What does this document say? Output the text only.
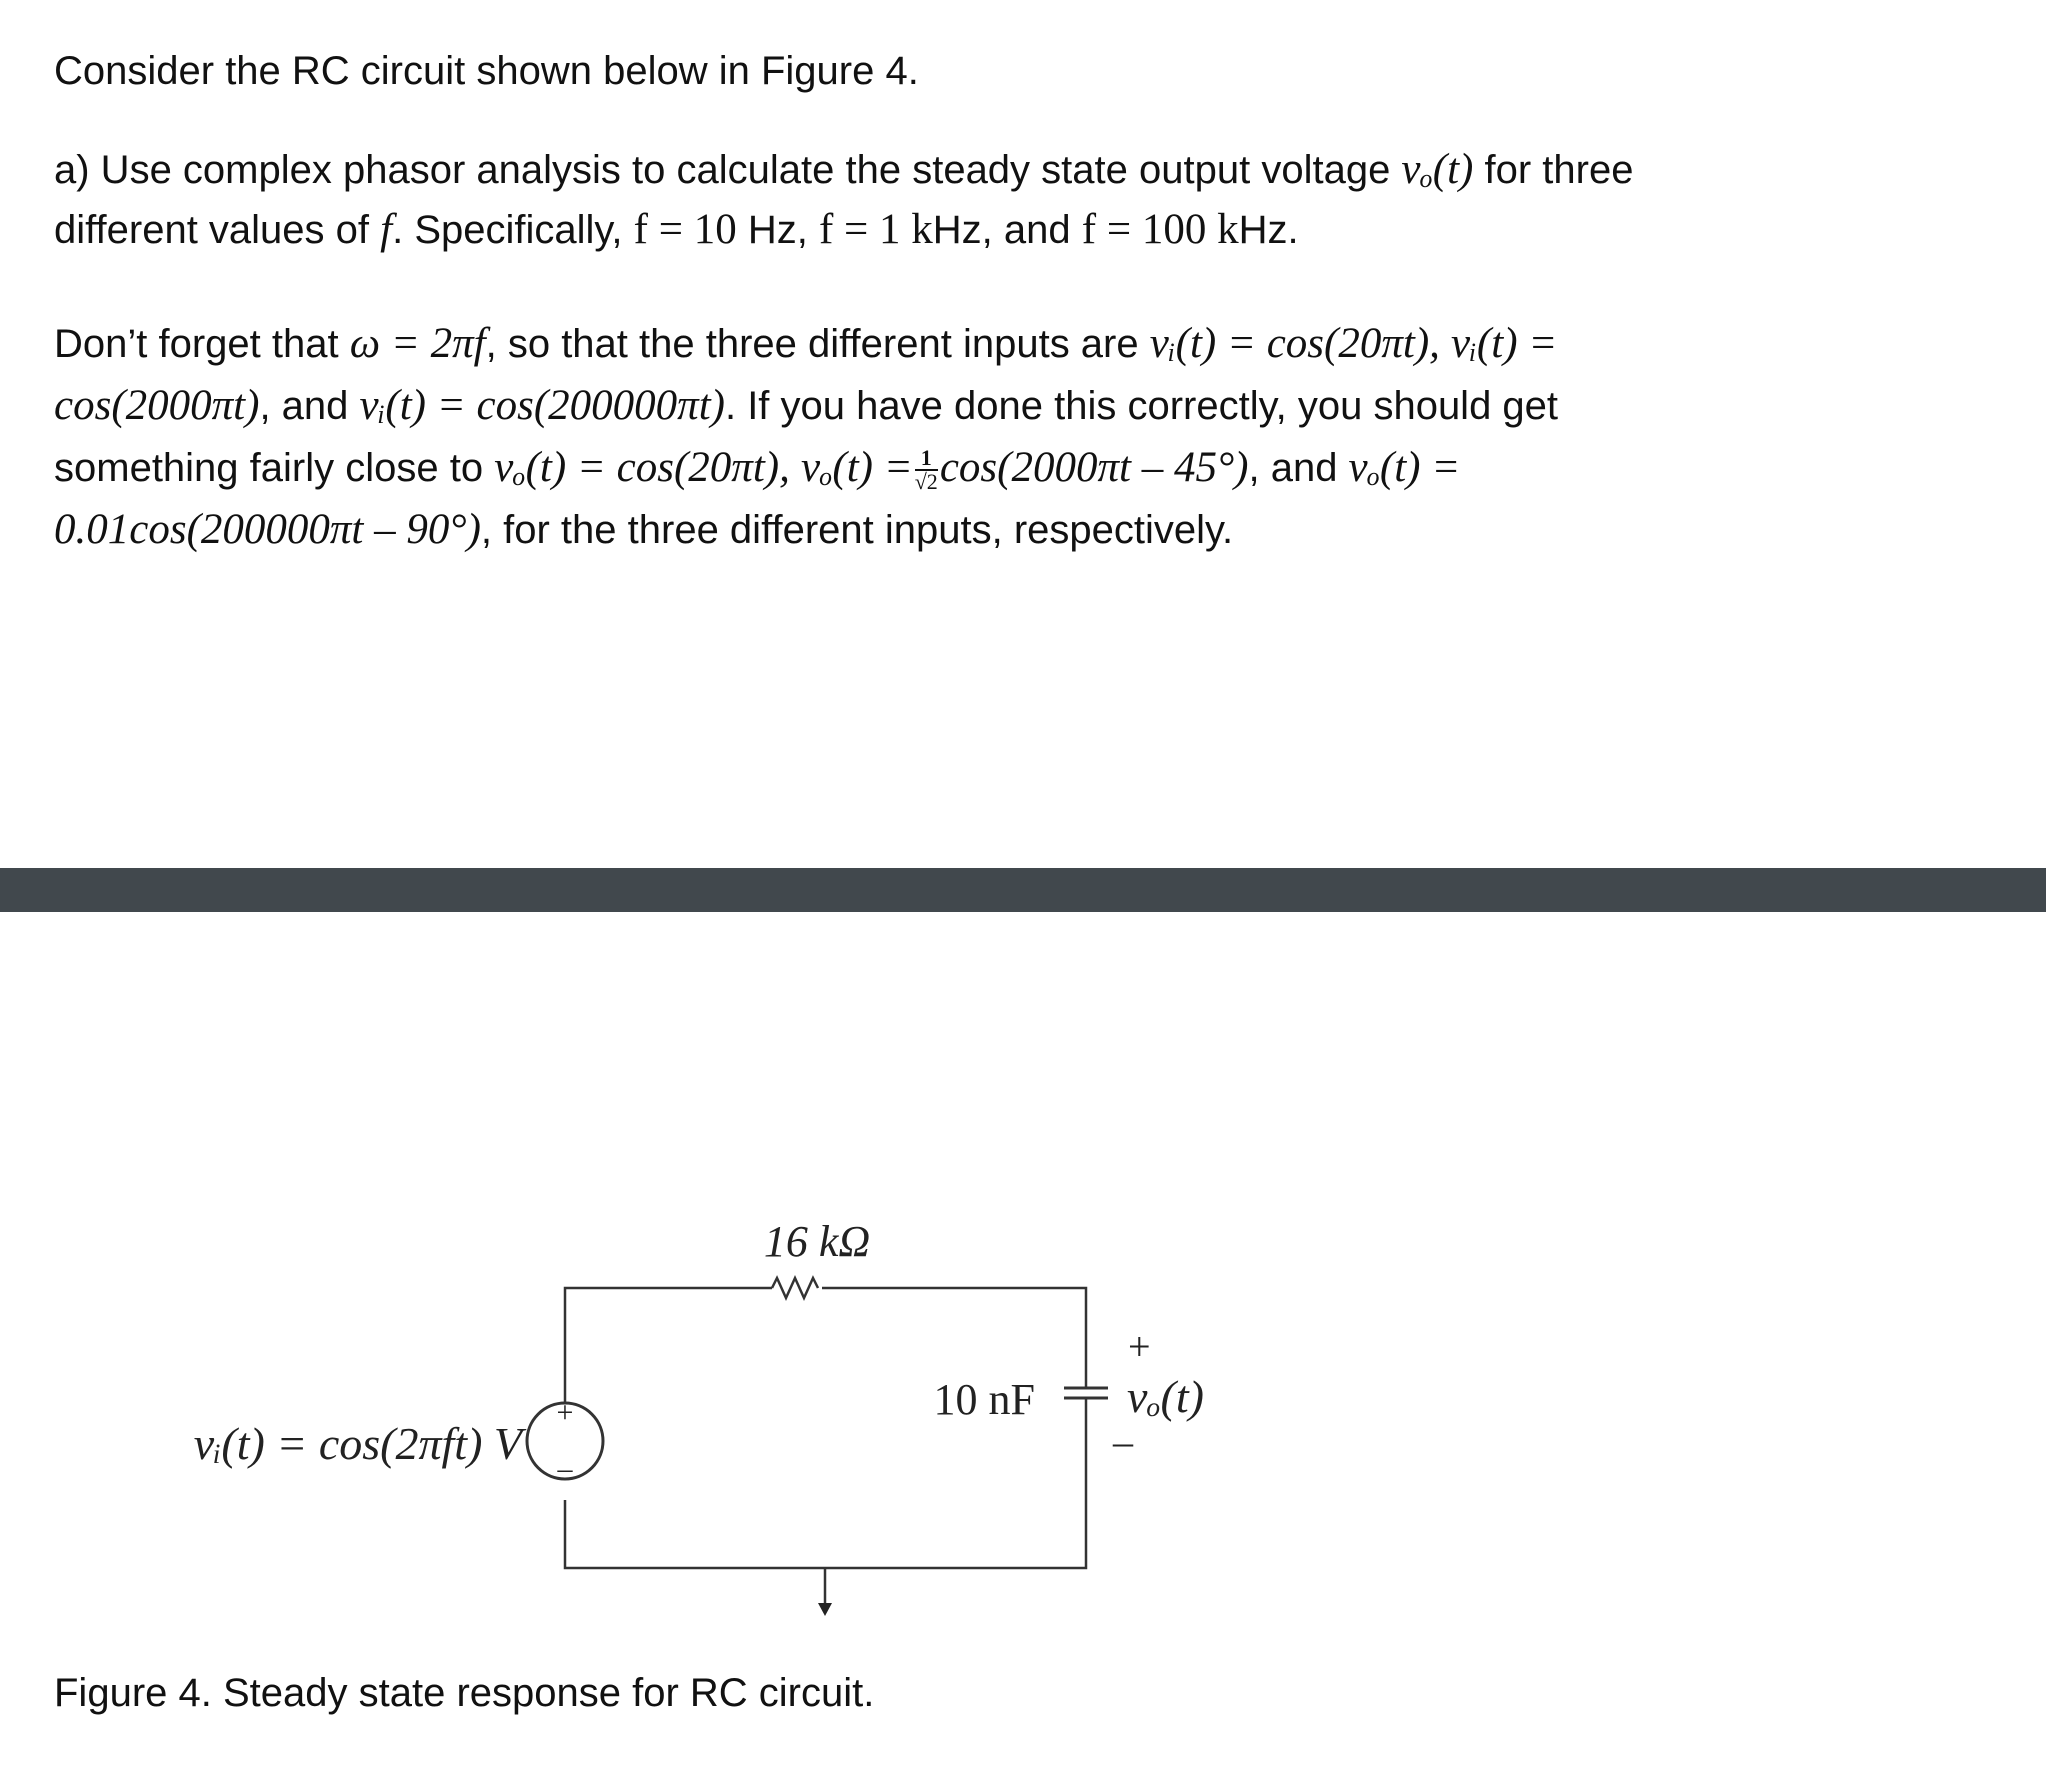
Consider the RC circuit shown below in Figure 4.

a) Use complex phasor analysis to calculate the steady state output voltage vₒ(t) for three
different values of f. Specifically, f = 10 Hz, f = 1 kHz, and f = 100 kHz.

Don’t forget that ω = 2πf, so that the three different inputs are vᵢ(t) = cos(20πt), vᵢ(t) =
cos(2000πt), and vᵢ(t) = cos(200000πt). If you have done this correctly, you should get
something fairly close to vₒ(t) = cos(20πt), $v_o(t) = \frac{1}{√2} \cos(2000\pi t - 45^\circ)$, and vₒ(t) =
0.01cos(200000πt – 90°), for the three different inputs, respectively.

+
–
16 kΩ
10 nF
vᵢ(t) = cos(2πft) V
+
vₒ(t)
–

Figure 4. Steady state response for RC circuit.
